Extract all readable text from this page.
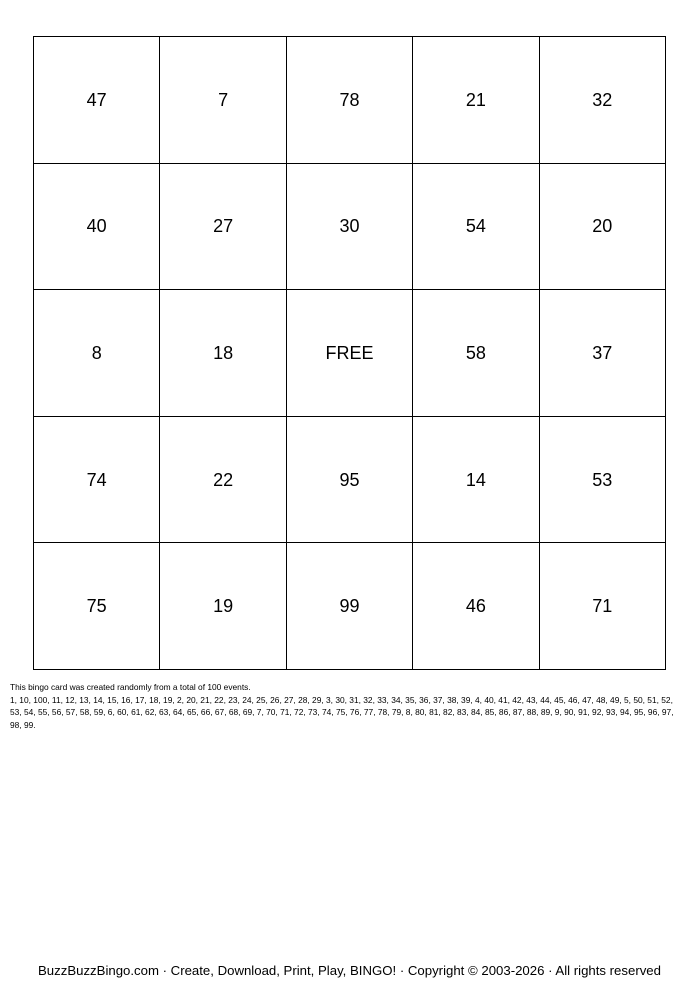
47	7	78	21	32
40	27	30	54	20
8	18	FREE	58	37
74	22	95	14	53
75	19	99	46	71

This bingo card was created randomly from a total of 100 events.

1, 10, 100, 11, 12, 13, 14, 15, 16, 17, 18, 19, 2, 20, 21, 22, 23, 24, 25, 26, 27, 28, 29, 3, 30, 31, 32, 33, 34, 35, 36, 37, 38, 39, 4, 40, 41, 42, 43, 44, 45, 46, 47, 48, 49, 5, 50, 51, 52, 53, 54, 55, 56, 57, 58, 59, 6, 60, 61, 62, 63, 64, 65, 66, 67, 68, 69, 7, 70, 71, 72, 73, 74, 75, 76, 77, 78, 79, 8, 80, 81, 82, 83, 84, 85, 86, 87, 88, 89, 9, 90, 91, 92, 93, 94, 95, 96, 97, 98, 99.

BuzzBuzzBingo.com · Create, Download, Print, Play, BINGO! · Copyright © 2003-2026 · All rights reserved
